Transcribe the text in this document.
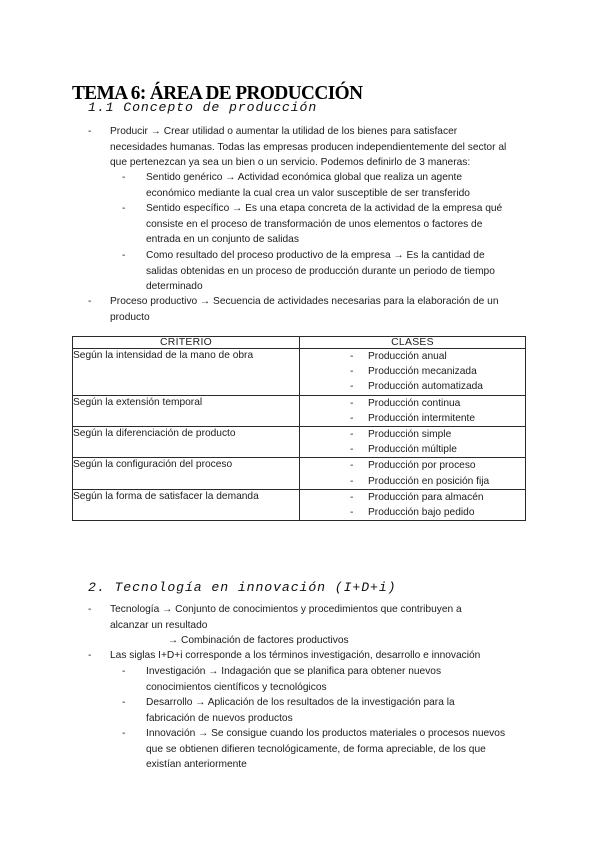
TEMA 6: ÁREA DE PRODUCCIÓN
1.1 Concepto de producción
-	Producir → Crear utilidad o aumentar la utilidad de los bienes para satisfacer necesidades humanas. Todas las empresas producen independientemente del sector al que pertenezcan ya sea un bien o un servicio. Podemos definirlo de 3 maneras:
-	Sentido genérico → Actividad económica global que realiza un agente económico mediante la cual crea un valor susceptible de ser transferido
-	Sentido específico → Es una etapa concreta de la actividad de la empresa qué consiste en el proceso de transformación de unos elementos o factores de entrada en un conjunto de salidas
-	Como resultado del proceso productivo de la empresa → Es la cantidad de salidas obtenidas en un proceso de producción durante un periodo de tiempo determinado
-	Proceso productivo → Secuencia de actividades necesarias para la elaboración de un producto
CRITERIO	CLASES
Según la intensidad de la mano de obra	
-Producción anual
- Producción mecanizada
- Producción automatizada

Según la extensión temporal	
-Producción continua
- Producción intermitente

Según la diferenciación de producto	
-Producción simple
- Producción múltiple

Según la configuración del proceso	
-Producción por proceso
- Producción en posición fija

Según la forma de satisfacer la demanda	
-Producción para almacén
- Producción bajo pedido
2. Tecnología en innovación (I+D+i)
-	Tecnología → Conjunto de conocimientos y procedimientos que contribuyen a alcanzar un resultado
→ Combinación de factores productivos
-	Las siglas I+D+i corresponde a los términos investigación, desarrollo e innovación
-	Investigación → Indagación que se planifica para obtener nuevos conocimientos científicos y tecnológicos
-	Desarrollo → Aplicación de los resultados de la investigación para la fabricación de nuevos productos
-	Innovación → Se consigue cuando los productos materiales o procesos nuevos que se obtienen difieren tecnológicamente, de forma apreciable, de los que existían anteriormente
